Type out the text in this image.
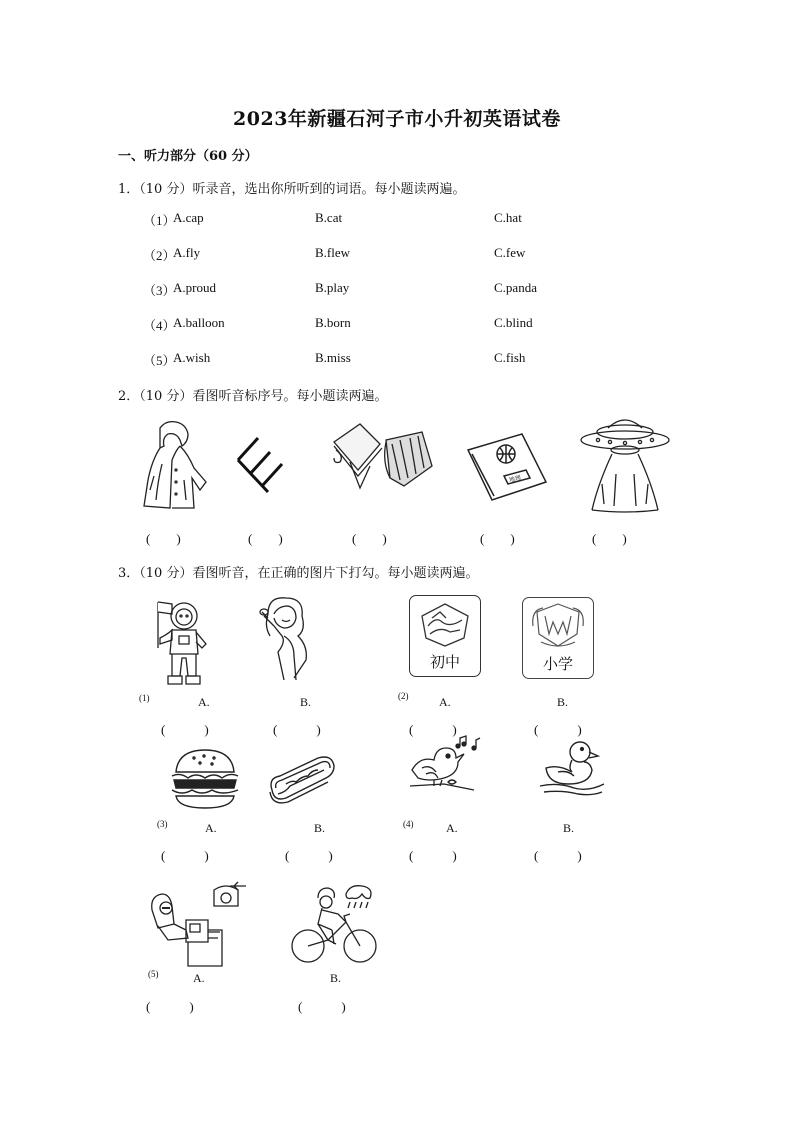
2023年新疆石河子市小升初英语试卷
一、听力部分（60 分）
1．（10 分）听录音，选出你所听到的词语。每小题读两遍。
（1）
A.cap	B.cat	C.hat
（2）
A.fly	B.flew	C.few
（3）
A.proud	B.play	C.panda
（4）
A.balloon	B.born	C.blind
（5）
A.wish	B.miss	C.fish
2．（10 分）看图听音标序号。每小题读两遍。
地理
(　　)	(　　)	(　　)	(　　)	(　　)
3．（10 分）看图听音，在正确的图片下打勾。每小题读两遍。
初中	小学
(1)	A.	B.	(2)	A.	B.
(　　　)	(　　　)	(　　　)	(　　　)
(3)	A.	B.	(4)	A.	B.
(　　　)	(　　　)	(　　　)	(　　　)
(5)	A.	B.
(　　　)	(　　　)
